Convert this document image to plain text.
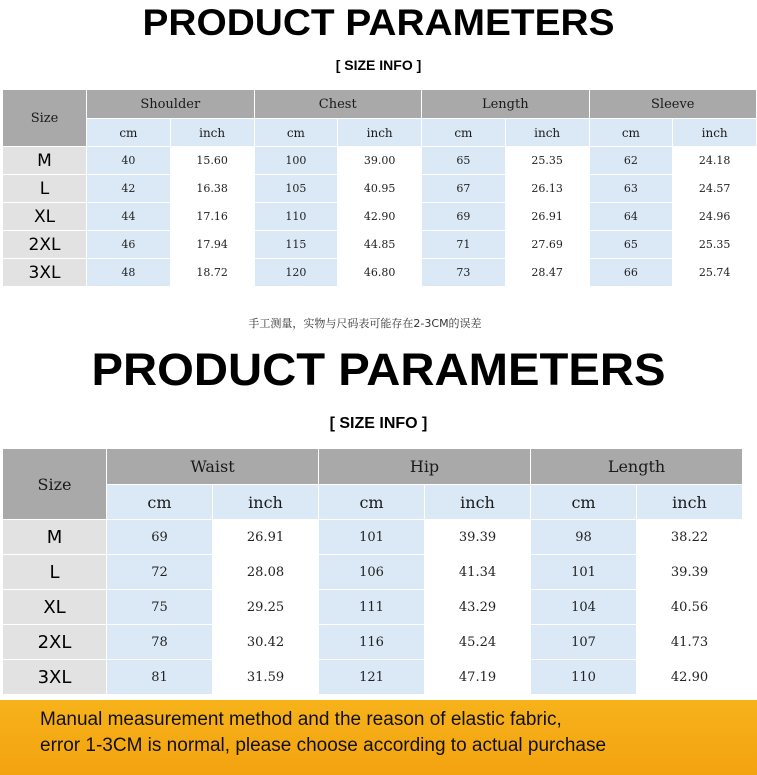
PRODUCT PARAMETERS
[ SIZE INFO ]
Size	Shoulder		Chest		Length		Sleeve	
	cm	inch	cm	inch	cm	inch	cm	inch
M	40	15.60	100	39.00	65	25.35	62	24.18
L	42	16.38	105	40.95	67	26.13	63	24.57
XL	44	17.16	110	42.90	69	26.91	64	24.96
2XL	46	17.94	115	44.85	71	27.69	65	25.35
3XL	48	18.72	120	46.80	73	28.47	66	25.74
手工测量，实物与尺码表可能存在2-3CM的误差
PRODUCT PARAMETERS
[ SIZE INFO ]
Size	Waist		Hip		Length	
	cm	inch	cm	inch	cm	inch
M	69	26.91	101	39.39	98	38.22
L	72	28.08	106	41.34	101	39.39
XL	75	29.25	111	43.29	104	40.56
2XL	78	30.42	116	45.24	107	41.73
3XL	81	31.59	121	47.19	110	42.90
Manual measurement method and the reason of elastic fabric,
error 1-3CM is normal, please choose according to actual purchase
